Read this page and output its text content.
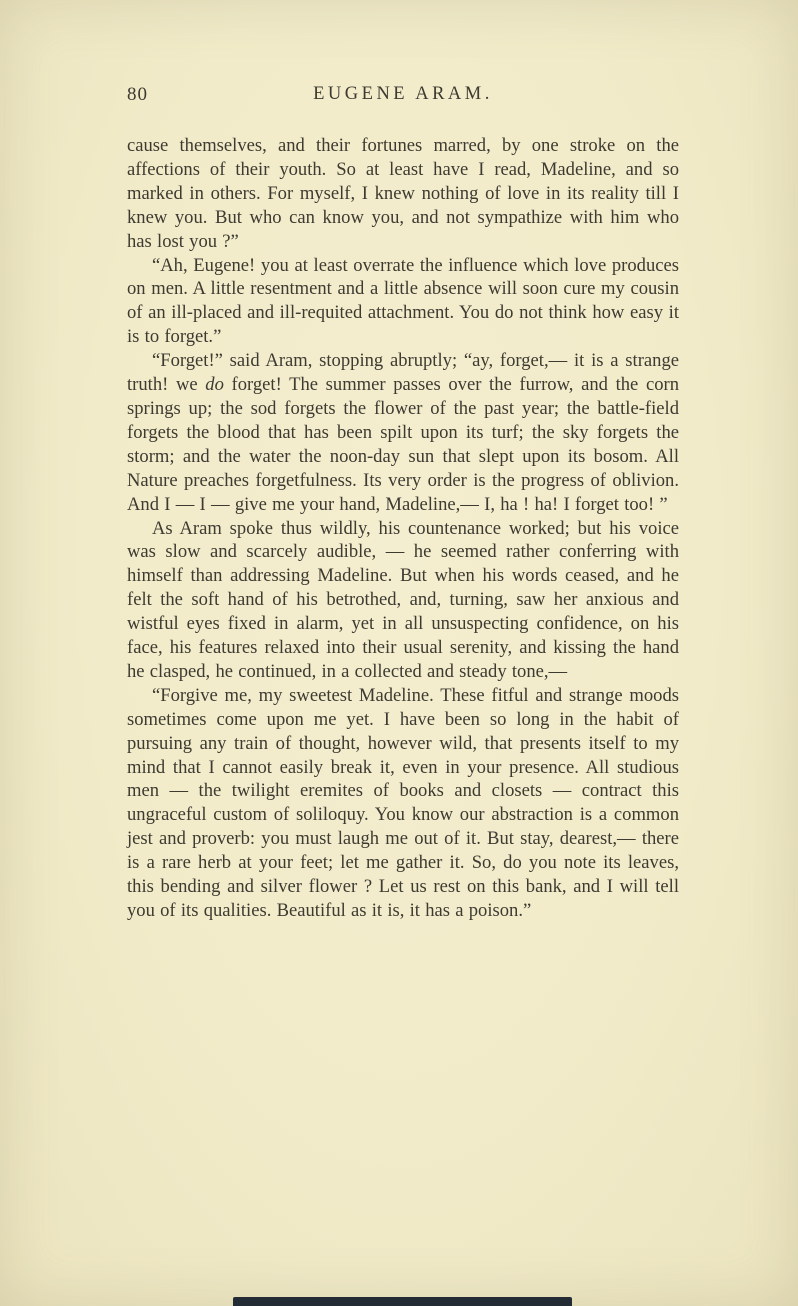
80	EUGENE ARAM.

cause themselves, and their fortunes marred, by one stroke on the affections of their youth. So at least have I read, Madeline, and so marked in others. For myself, I knew nothing of love in its reality till I knew you. But who can know you, and not sympathize with him who has lost you ?”

“Ah, Eugene! you at least overrate the influence which love produces on men. A little resentment and a little absence will soon cure my cousin of an ill-placed and ill-requited attachment. You do not think how easy it is to forget.”

“Forget!” said Aram, stopping abruptly; “ay, forget,— it is a strange truth! we do forget! The summer passes over the furrow, and the corn springs up; the sod forgets the flower of the past year; the battle-field forgets the blood that has been spilt upon its turf; the sky forgets the storm; and the water the noon-day sun that slept upon its bosom. All Nature preaches forgetfulness. Its very order is the progress of oblivion. And I — I — give me your hand, Madeline,— I, ha ! ha! I forget too! ”

As Aram spoke thus wildly, his countenance worked; but his voice was slow and scarcely audible, — he seemed rather conferring with himself than addressing Madeline. But when his words ceased, and he felt the soft hand of his betrothed, and, turning, saw her anxious and wistful eyes fixed in alarm, yet in all unsuspecting confidence, on his face, his features relaxed into their usual serenity, and kissing the hand he clasped, he continued, in a collected and steady tone,—

“Forgive me, my sweetest Madeline. These fitful and strange moods sometimes come upon me yet. I have been so long in the habit of pursuing any train of thought, however wild, that presents itself to my mind that I cannot easily break it, even in your presence. All studious men — the twilight eremites of books and closets — contract this ungraceful custom of soliloquy. You know our abstraction is a common jest and proverb: you must laugh me out of it. But stay, dearest,— there is a rare herb at your feet; let me gather it. So, do you note its leaves, this bending and silver flower ? Let us rest on this bank, and I will tell you of its qualities. Beautiful as it is, it has a poison.”
